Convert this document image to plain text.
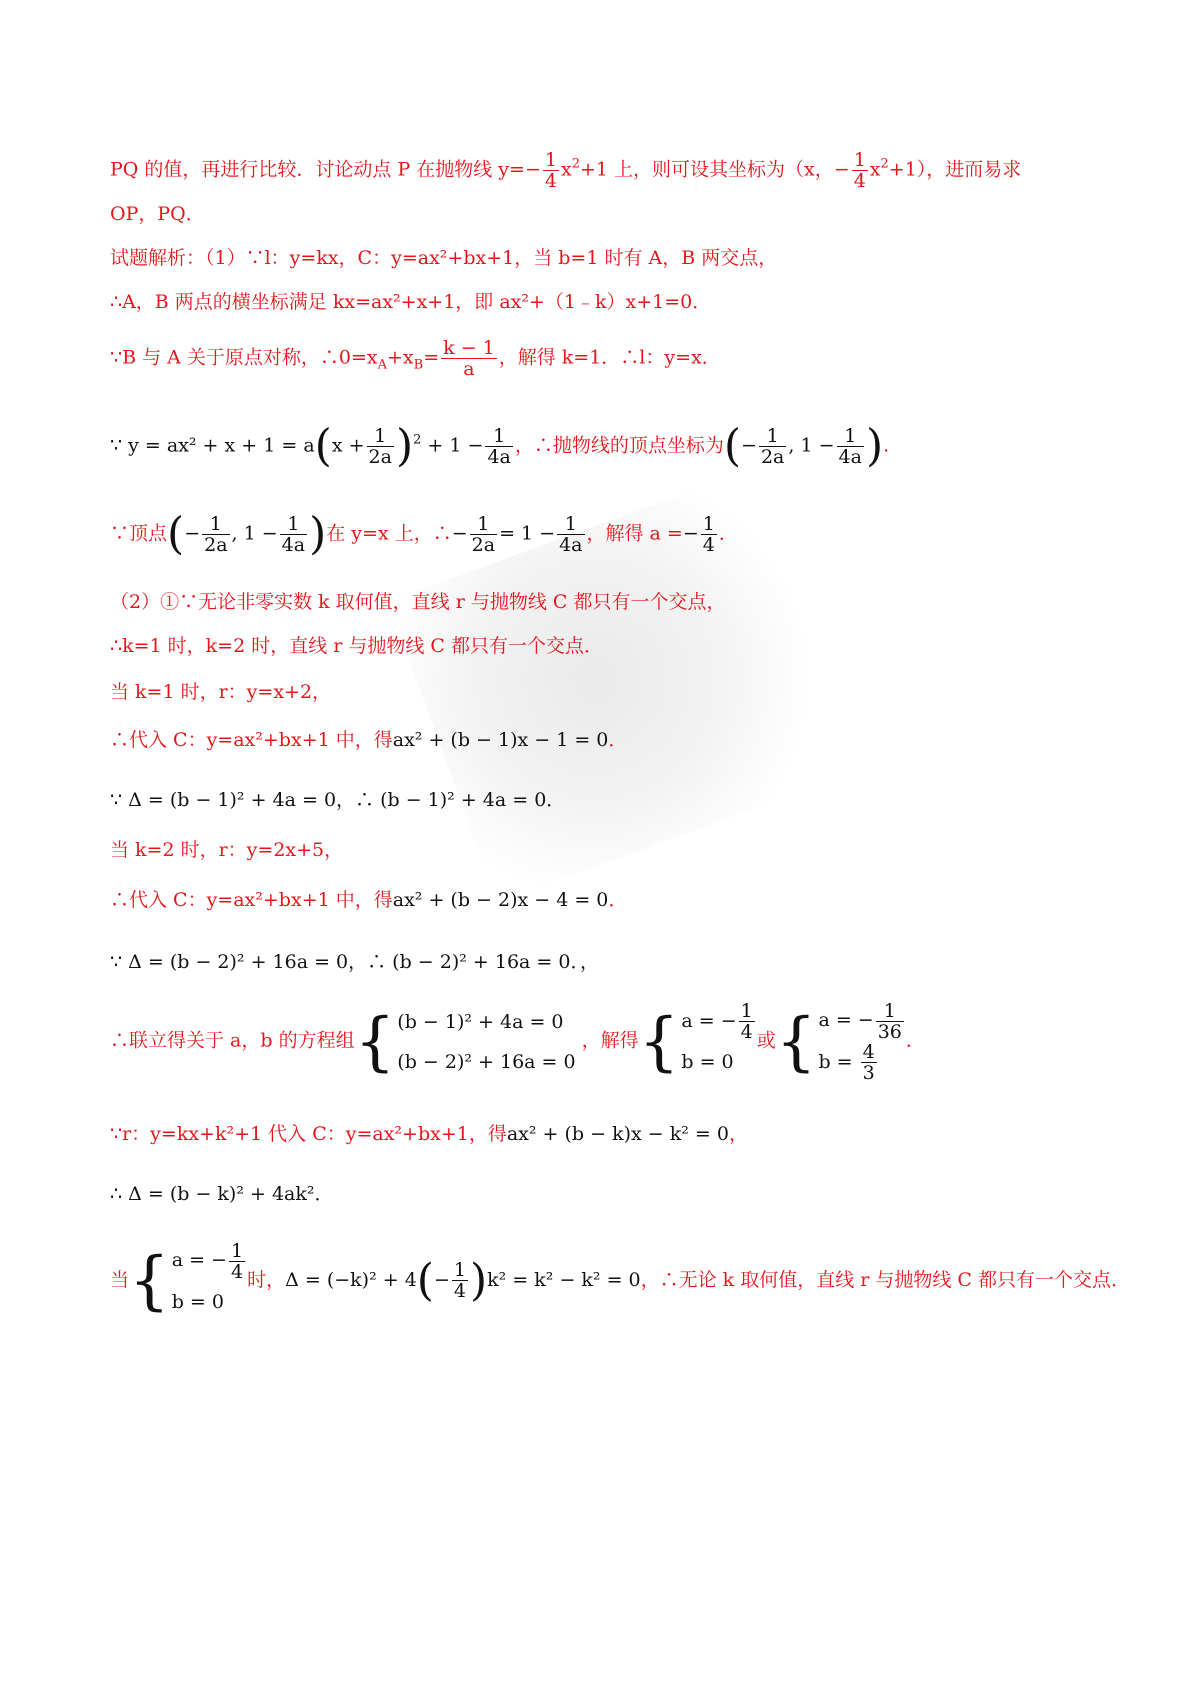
PQ 的值，再进行比较．讨论动点 P 在抛物线 $y=- \frac{1}{4} x^2+1$ 上，则可设其坐标为（x，− $\frac{1}{4} x^2+1$），进而易求
OP，PQ．
试题解析：（1）∵l：y=kx，C：y=ax²+bx+1，当 b=1 时有 A，B 两交点，
∴A，B 两点的横坐标满足 kx=ax²+x+1，即 ax²+（1﹣k）x+1=0．
∵B 与 A 关于原点对称，$\therefore 0=x_A+x_B= \frac{k - 1}{a}$ ，解得 k=1．∴l：y=x．
∵ $y = ax^2 + x + 1 = a(x + \frac{1}{2a} )^2 + 1 - \frac{1}{4a}$ ，∴抛物线的顶点坐标为(− $\frac{1}{2a}$ , $1 - \frac{1}{4a}$ ).
∵顶点(− $\frac{1}{2a}$ , $1 - \frac{1}{4a}$ )在 y=x 上，∴− $\frac{1}{2a} = 1 - \frac{1}{4a}$ ，解得 $a =- \frac{1}{4}$ ．
（2）①∵无论非零实数 k 取何值，直线 r 与抛物线 C 都只有一个交点，
∴k=1 时，k=2 时，直线 r 与抛物线 C 都只有一个交点．
当 k=1 时，r：y=x+2，
∴代入 C：y=ax²+bx+1 中，得ax² + (b − 1)x − 1 = 0．
∵ Δ = (b − 1)² + 4a = 0，∴ (b − 1)² + 4a = 0．
当 k=2 时，r：y=2x+5，
∴代入 C：y=ax²+bx+1 中，得ax² + (b − 2)x − 4 = 0．
∵ Δ = (b − 2)² + 16a = 0，∴ (b − 2)² + 16a = 0．，
∴联立得关于 a，b 的方程组{ (b − 1)² + 4a = 0
(b − 2)² + 16a = 0
，解得{ a = − $\frac{1}{4}$
b = 0
或{ a = − $\frac{1}{36}$
$b = \frac{4}{3}$
．
∵r：y=kx+k²+1 代入 C：y=ax²+bx+1，得ax² + (b − k)x − k² = 0，
∴ Δ = (b − k)² + 4ak²．
当{ a = − $\frac{1}{4}$
b = 0
时，$\Delta = (-k)^2 + 4(- \frac{1}{4} )k^2 = k^2 - k^2 = 0$，∴无论 k 取何值，直线 r 与抛物线 C 都只有一个交点．
